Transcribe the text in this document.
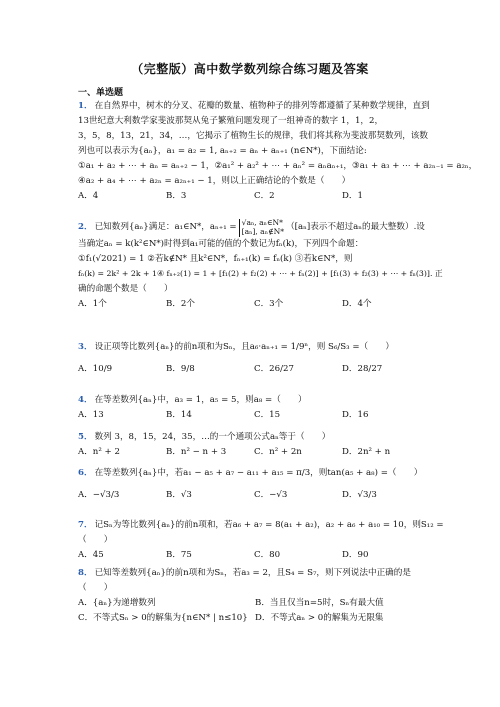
（完整版）高中数学数列综合练习题及答案
一、单选题
1． 在自然界中，树木的分叉、花瓣的数量、植物种子的排列等都遵循了某种数学规律，直到
13世纪意大利数学家斐波那契从兔子繁殖问题发现了一组神奇的数字 1，1，2，
3，5，8，13，21，34，…，它揭示了植物生长的规律，我们将其称为斐波那契数列，该数
列也可以表示为{aₙ}，a₁ = a₂ = 1, aₙ₊₂ = aₙ + aₙ₊₁ (n∈N*)，下面结论:
①a₁ + a₂ + ⋯ + aₙ = aₙ₊₂ − 1，②a₁² + a₂² + ⋯ + aₙ² = aₙaₙ₊₁，③a₁ + a₃ + ⋯ + a₂ₙ₋₁ = a₂ₙ，
④a₂ + a₄ + ⋯ + a₂ₙ = a₂ₙ₊₁ − 1，则以上正确结论的个数是（　　）
A．4	B．3	C．2	D．1
2． 已知数列{aₙ}满足：a₁∈N*，aₙ₊₁ = √aₙ, aₙ∈N*
[aₙ], aₙ∉N* （[aₙ]表示不超过aₙ的最大整数）.设
当确定aₙ = k(k²∈N*)时得到a₁可能的值的个数记为fₙ(k)，下列四个命题：
①f₁(√2021) = 1 ②若k∉N* 且k²∈N*，fₙ₊₁(k) = fₙ(k) ③若k∈N*，则
fₙ(k) = 2k² + 2k + 1④ fₙ₊₂(1) = 1 + [f₁(2) + f₂(2) + ⋯ + fₙ(2)] + [f₁(3) + f₂(3) + ⋯ + fₙ(3)]. 正
确的命题个数是（　　）
A．1个	B．2个	C．3个	D．4个
3． 设正项等比数列{aₙ}的前n项和为Sₙ，且a₆·aₙ₊₁ = 1/9ⁿ，则 S₆/S₃ =（　　）
A．10/9	B．9/8	C．26/27	D．28/27
4． 在等差数列{aₙ}中，a₃ = 1，a₅ = 5，则a₈ =（　　）
A．13	B．14	C．15	D．16
5． 数列 3，8，15，24，35，…的一个通项公式aₙ等于（　　）
A．n² + 2	B．n² − n + 3	C．n² + 2n	D．2n² + n
6． 在等差数列{aₙ}中，若a₁ − a₅ + a₇ − a₁₁ + a₁₅ = π/3，则tan(a₅ + a₈) =（　　）
A．−√3/3	B．√3	C．−√3	D．√3/3
7． 记Sₙ为等比数列{aₙ}的前n项和，若a₆ + a₇ = 8(a₁ + a₂)，a₂ + a₆ + a₁₀ = 10，则S₁₂ =
（　　）
A．45	B．75	C．80	D．90
8． 已知等差数列{aₙ}的前n项和为Sₙ，若a₃ = 2，且S₄ = S₇，则下列说法中正确的是
（　　）
A．{aₙ}为递增数列	B．当且仅当n=5时，Sₙ有最大值
C．不等式Sₙ > 0的解集为{n∈N* | n≤10} D．不等式aₙ > 0的解集为无限集
